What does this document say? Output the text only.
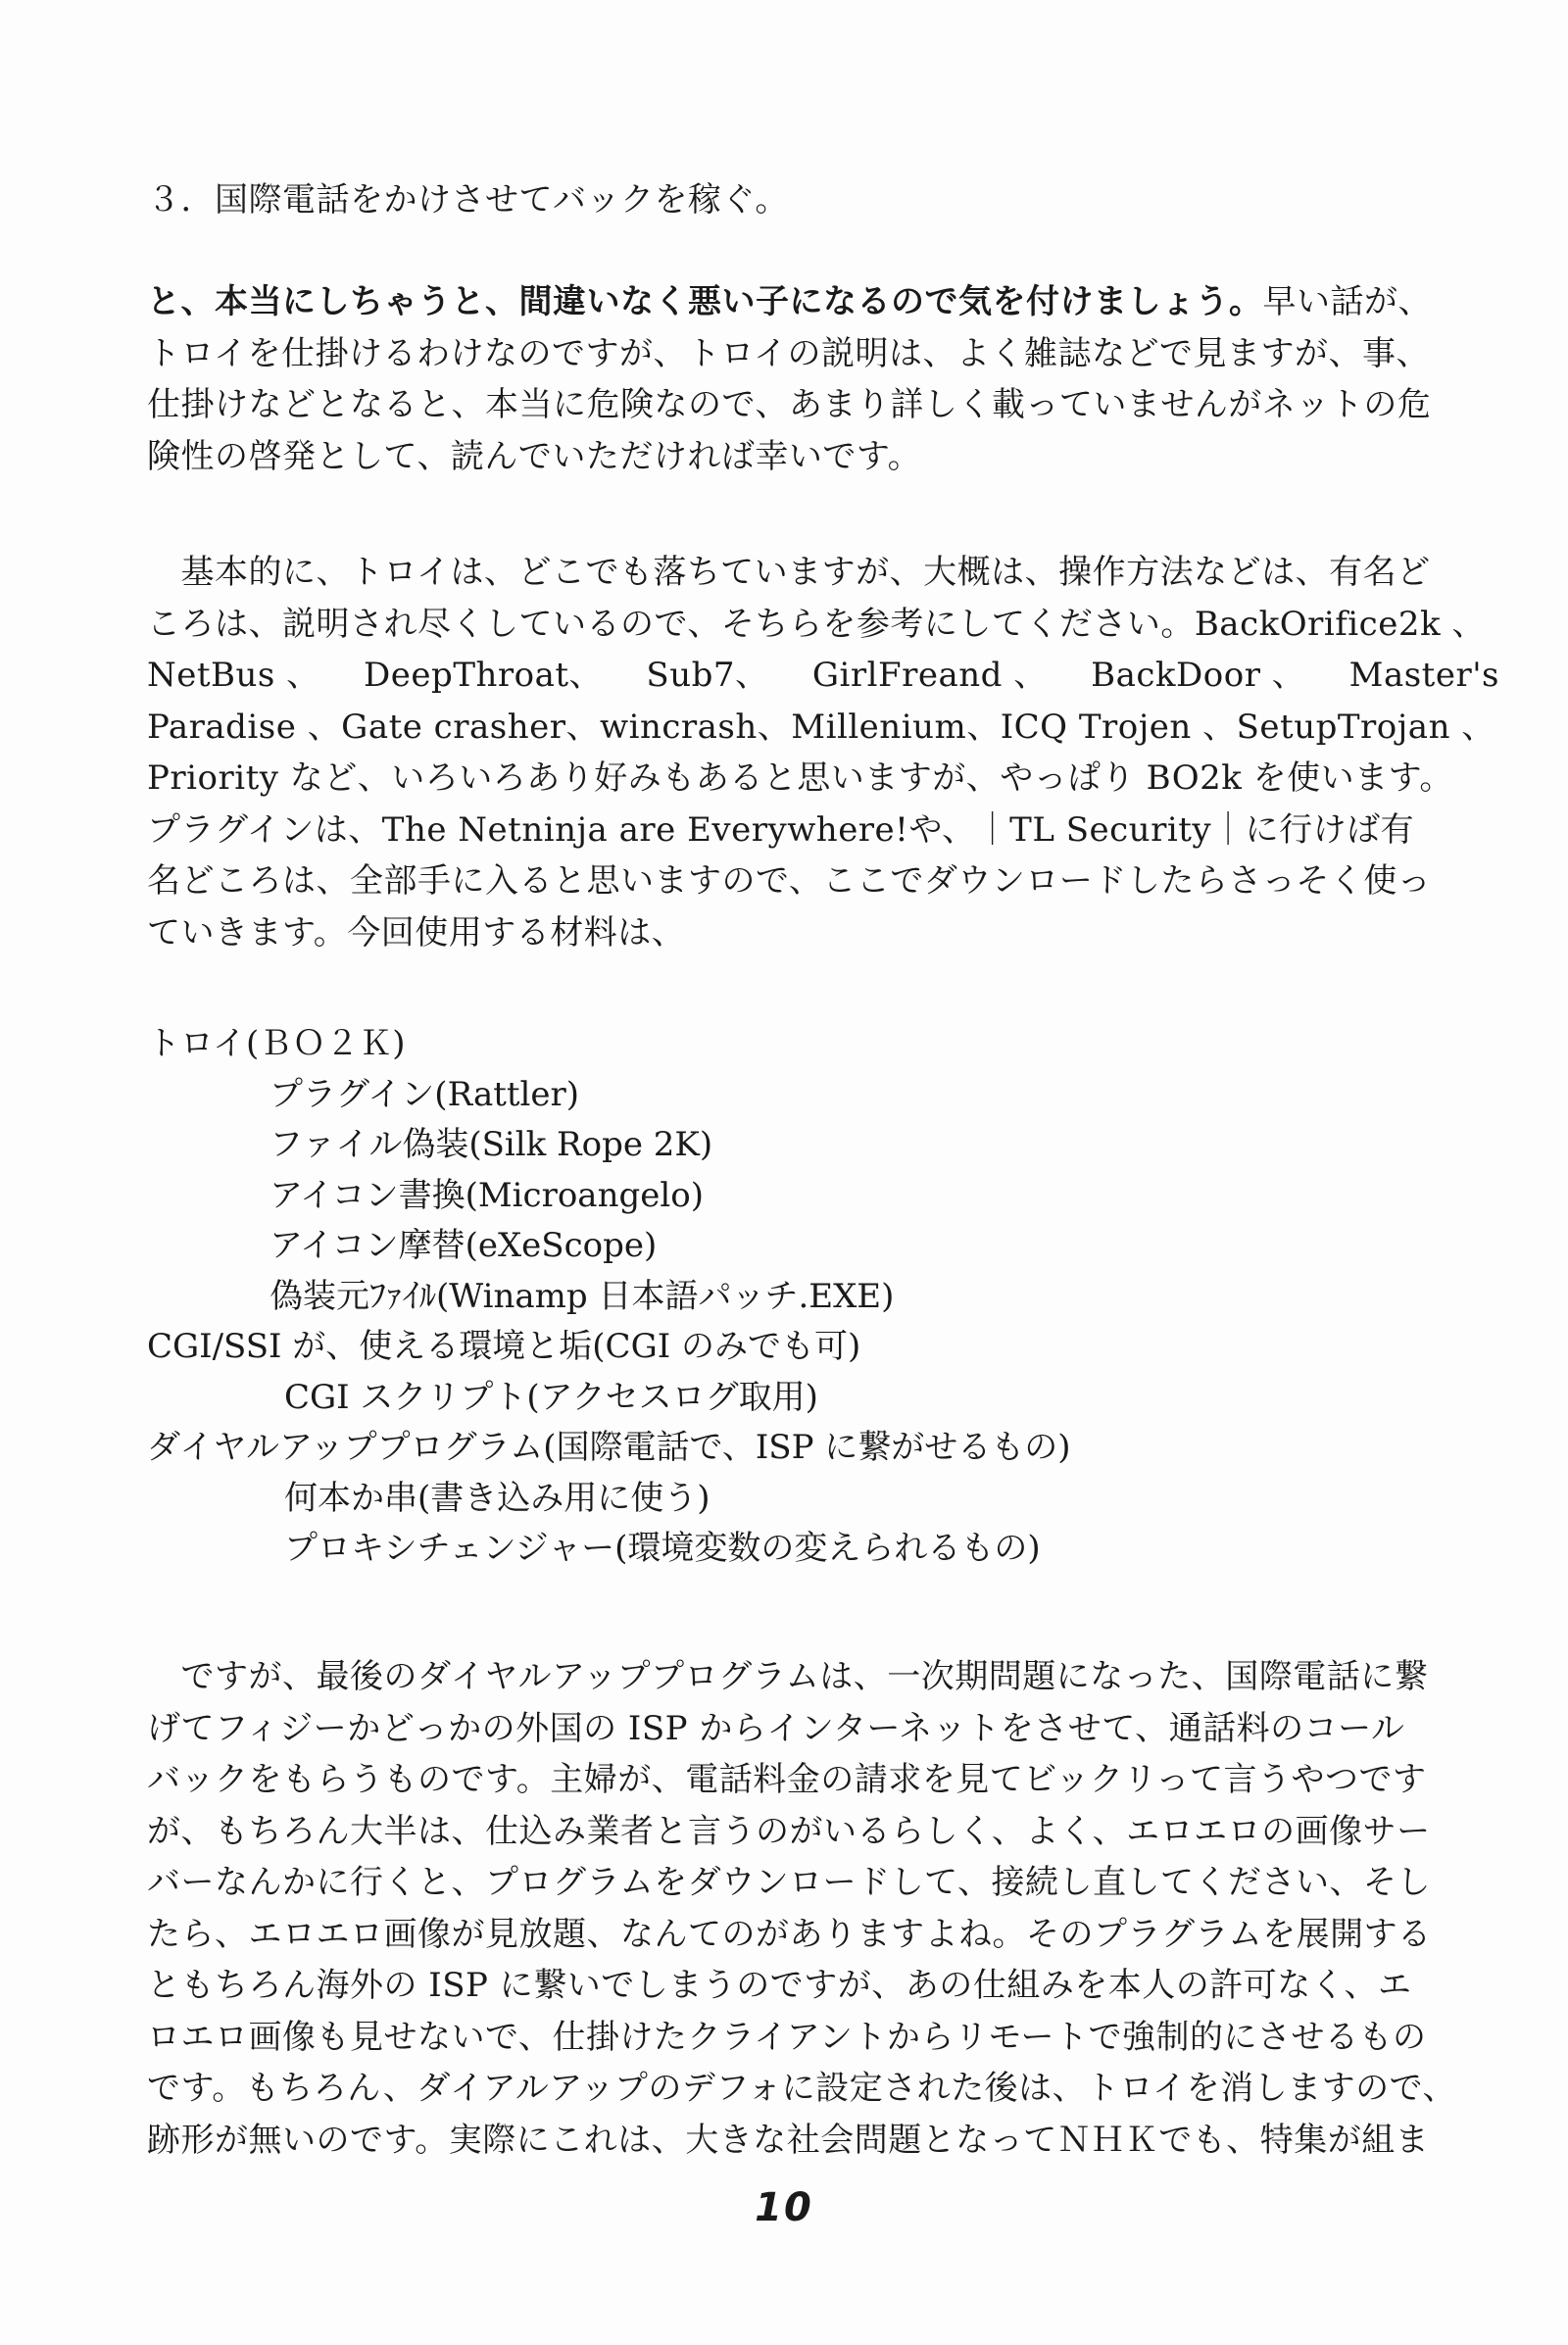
３．国際電話をかけさせてバックを稼ぐ。
と、本当にしちゃうと、間違いなく悪い子になるので気を付けましょう。早い話が、
トロイを仕掛けるわけなのですが、トロイの説明は、よく雑誌などで見ますが、事、
仕掛けなどとなると、本当に危険なので、あまり詳しく載っていませんがネットの危
険性の啓発として、読んでいただければ幸いです。
　基本的に、トロイは、どこでも落ちていますが、大概は、操作方法などは、有名ど
ころは、説明され尽くしているので、そちらを参考にしてください。BackOrifice2k 、
NetBus 、 DeepThroat、 Sub7、 GirlFreand 、 BackDoor 、 Master's
Paradise 、Gate crasher、wincrash、Millenium、ICQ Trojen 、SetupTrojan 、
Priority など、いろいろあり好みもあると思いますが、やっぱり BO2k を使います。
プラグインは、The Netninja are Everywhere!や、｜TL Security｜に行けば有
名どころは、全部手に入ると思いますので、ここでダウンロードしたらさっそく使っ
ていきます。今回使用する材料は、
トロイ(ＢＯ２Ｋ)
プラグイン(Rattler)
ファイル偽装(Silk Rope 2K)
アイコン書換(Microangelo)
アイコン摩替(eXeScope)
偽装元ﾌｧｲﾙ(Winamp 日本語パッチ.EXE)
CGI/SSI が、使える環境と垢(CGI のみでも可)
CGI スクリプト(アクセスログ取用)
ダイヤルアッププログラム(国際電話で、ISP に繋がせるもの)
何本か串(書き込み用に使う)
プロキシチェンジャー(環境変数の変えられるもの)
　ですが、最後のダイヤルアッププログラムは、一次期問題になった、国際電話に繋
げてフィジーかどっかの外国の ISP からインターネットをさせて、通話料のコール
バックをもらうものです。主婦が、電話料金の請求を見てビックリって言うやつです
が、もちろん大半は、仕込み業者と言うのがいるらしく、よく、エロエロの画像サー
バーなんかに行くと、プログラムをダウンロードして、接続し直してください、そし
たら、エロエロ画像が見放題、なんてのがありますよね。そのプラグラムを展開する
ともちろん海外の ISP に繋いでしまうのですが、あの仕組みを本人の許可なく、エ
ロエロ画像も見せないで、仕掛けたクライアントからリモートで強制的にさせるもの
です。もちろん、ダイアルアップのデフォに設定された後は、トロイを消しますので、
跡形が無いのです。実際にこれは、大きな社会問題となってＮＨＫでも、特集が組ま
10
